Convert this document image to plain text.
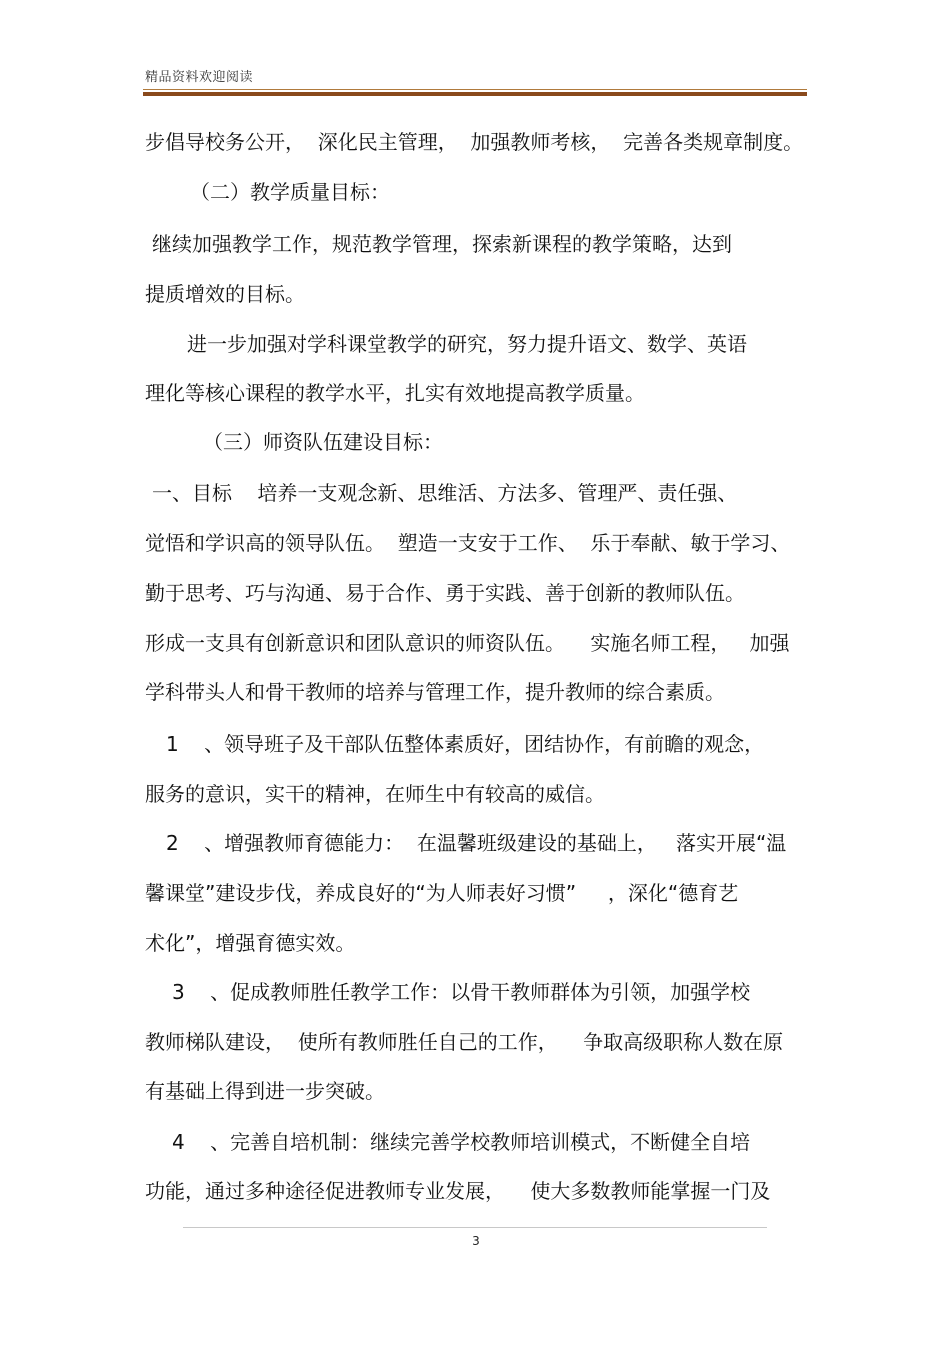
精品资料欢迎阅读
步倡导校务公开，  深化民主管理，  加强教师考核，  完善各类规章制度。
（二）教学质量目标：
继续加强教学工作，规范教学管理，探索新课程的教学策略，达到
提质增效的目标。
进一步加强对学科课堂教学的研究，努力提升语文、数学、英语
理化等核心课程的教学水平，扎实有效地提高教学质量。
（三）师资队伍建设目标：
一、目标    培养一支观念新、思维活、方法多、管理严、责任强、
觉悟和学识高的领导队伍。  塑造一支安于工作、  乐于奉献、敏于学习、
勤于思考、巧与沟通、易于合作、勇于实践、善于创新的教师队伍。
形成一支具有创新意识和团队意识的师资队伍。    实施名师工程，   加强
学科带头人和骨干教师的培养与管理工作，提升教师的综合素质。
1    、领导班子及干部队伍整体素质好，团结协作，有前瞻的观念，
服务的意识，实干的精神，在师生中有较高的威信。
2    、增强教师育德能力：  在温馨班级建设的基础上，   落实开展“温
馨课堂”建设步伐，养成良好的“为人师表好习惯”     ，深化“德育艺
术化”，增强育德实效。
3    、促成教师胜任教学工作：以骨干教师群体为引领，加强学校
教师梯队建设，  使所有教师胜任自己的工作，    争取高级职称人数在原
有基础上得到进一步突破。
4    、完善自培机制：继续完善学校教师培训模式，不断健全自培
功能，通过多种途径促进教师专业发展，    使大多数教师能掌握一门及
3
